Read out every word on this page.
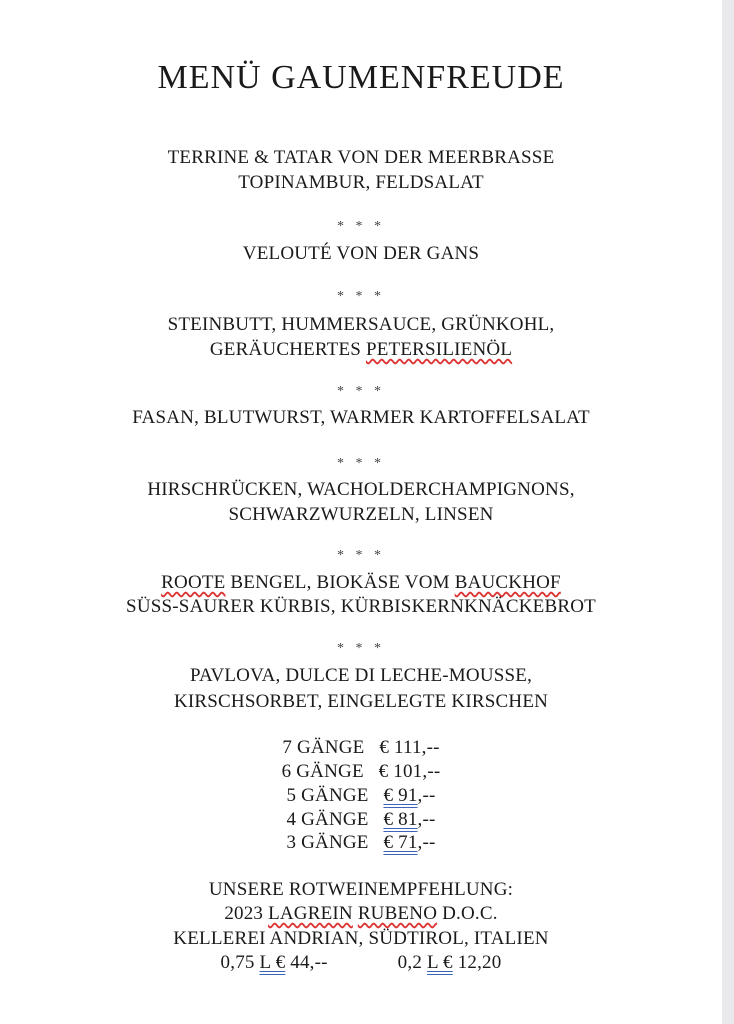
MENÜ GAUMENFREUDE
TERRINE & TATAR VON DER MEERBRASSE
TOPINAMBUR, FELDSALAT
* * *
VELOUTÉ VON DER GANS
* * *
STEINBUTT, HUMMERSAUCE, GRÜNKOHL,
GERÄUCHERTES PETERSILIENÖL
* * *
FASAN, BLUTWURST, WARMER KARTOFFELSALAT
* * *
HIRSCHRÜCKEN, WACHOLDERCHAMPIGNONS,
SCHWARZWURZELN, LINSEN
* * *
ROOTE BENGEL, BIOKÄSE VOM BAUCKHOF
SÜSS-SAURER KÜRBIS, KÜRBISKERNKNÄCKEBROT
* * *
PAVLOVA, DULCE DI LECHE-MOUSSE,
KIRSCHSORBET, EINGELEGTE KIRSCHEN
7 GÄNGE € 111,--
6 GÄNGE € 101,--
5 GÄNGE € 91,--
4 GÄNGE € 81,--
3 GÄNGE € 71,--
UNSERE ROTWEINEMPFEHLUNG:
2023 LAGREIN RUBENO D.O.C.
KELLEREI ANDRIAN, SÜDTIROL, ITALIEN
0,75 L € 44,--	0,2 L € 12,20
